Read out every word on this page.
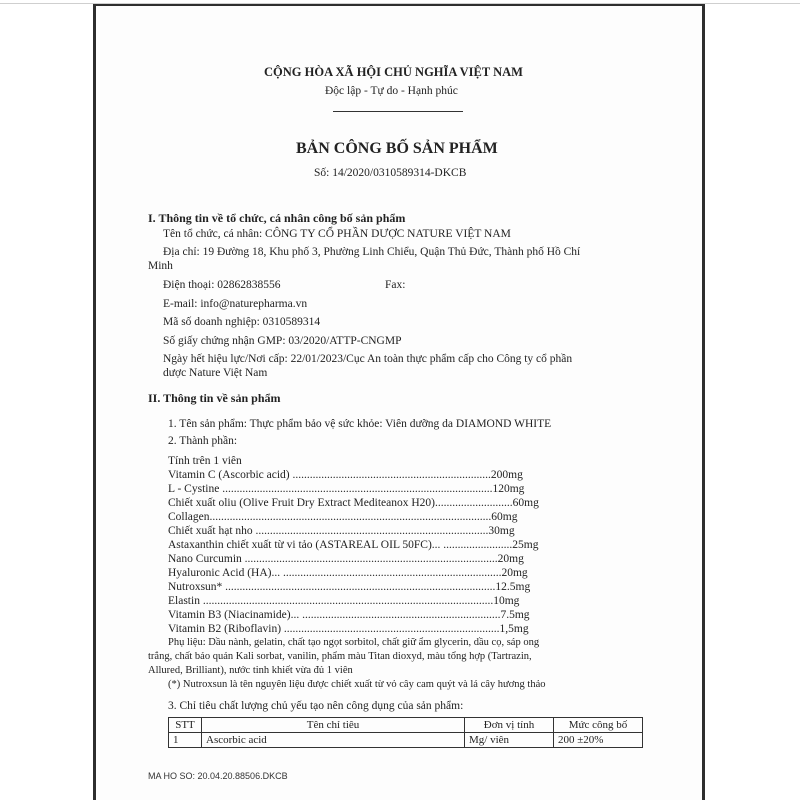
CỘNG HÒA XÃ HỘI CHỦ NGHĨA VIỆT NAM
Độc lập - Tự do - Hạnh phúc
BẢN CÔNG BỐ SẢN PHẨM
Số: 14/2020/0310589314-DKCB
I. Thông tin về tổ chức, cá nhân công bố sản phẩm
Tên tổ chức, cá nhân: CÔNG TY CỔ PHẦN DƯỢC NATURE VIỆT NAM
Địa chỉ: 19 Đường 18, Khu phố 3, Phường Linh Chiểu, Quận Thủ Đức, Thành phố Hồ Chí
Minh
Điện thoại: 02862838556	Fax:
E-mail: info@naturepharma.vn
Mã số doanh nghiệp: 0310589314
Số giấy chứng nhận GMP: 03/2020/ATTP-CNGMP
Ngày hết hiệu lực/Nơi cấp: 22/01/2023/Cục An toàn thực phẩm cấp cho Công ty cổ phần
dược Nature Việt Nam
II. Thông tin về sản phẩm
1. Tên sản phẩm: Thực phẩm bảo vệ sức khỏe: Viên dưỡng da DIAMOND WHITE
2. Thành phần:
Tính trên 1 viên
Vitamin C (Ascorbic acid) .....................................................................200mg
L - Cystine ..............................................................................................120mg
Chiết xuất oliu (Olive Fruit Dry Extract Mediteanox H20)...........................60mg
Collagen..................................................................................................60mg
Chiết xuất hạt nho .................................................................................30mg
Astaxanthin chiết xuất từ vi tảo (ASTAREAL OIL 50FC)... ........................25mg
Nano Curcumin ........................................................................................20mg
Hyaluronic Acid (HA)... ............................................................................20mg
Nutroxsun* ..............................................................................................12.5mg
Elastin .....................................................................................................10mg
Vitamin B3 (Niacinamide)... .....................................................................7.5mg
Vitamin B2 (Riboflavin) ...........................................................................1,5mg
Phụ liệu: Dầu nành, gelatin, chất tạo ngọt sorbitol, chất giữ ẩm glycerin, dầu cọ, sáp ong
trắng, chất bảo quản Kali sorbat, vanilin, phẩm màu Titan dioxyd, màu tổng hợp (Tartrazin,
Allured, Brilliant), nước tinh khiết vừa đủ 1 viên
(*) Nutroxsun là tên nguyên liệu được chiết xuất từ vỏ cây cam quýt và lá cây hương thảo
3. Chỉ tiêu chất lượng chủ yếu tạo nên công dụng của sản phẩm:
STT	Tên chỉ tiêu	Đơn vị tính	Mức công bố
1	Ascorbic acid	Mg/ viên	200 ±20%
MA HO SO: 20.04.20.88506.DKCB
